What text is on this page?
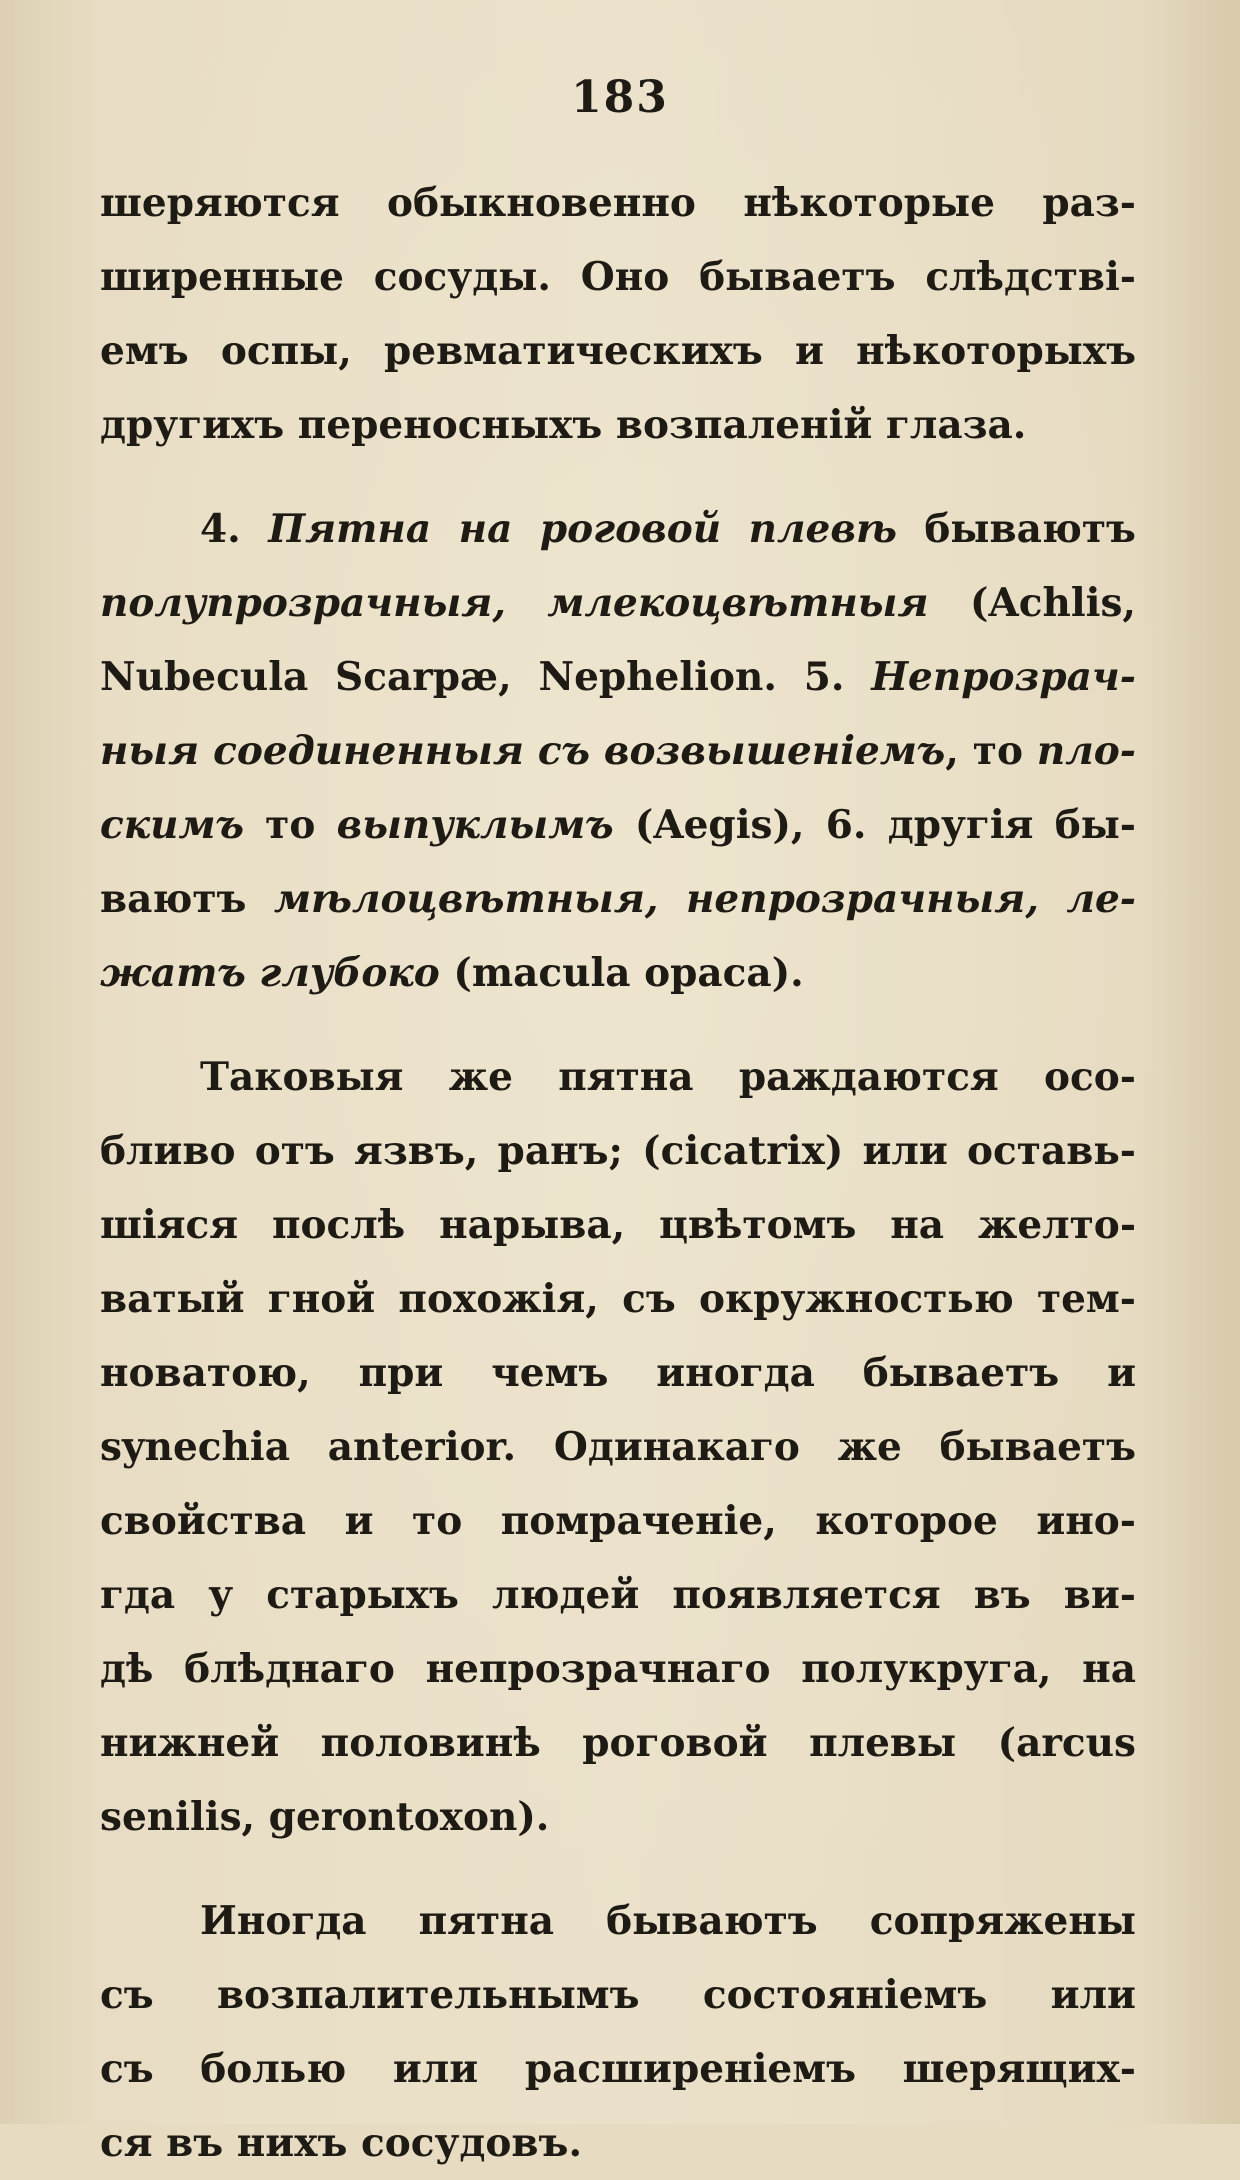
183
шеряются обыкновенно нѣкоторые раз-
ширенные сосуды. Оно бываетъ слѣдствi-
емъ оспы, ревматическихъ и нѣкоторыхъ
другихъ переносныхъ возпаленiй глаза.
4. Пятна на роговой плевѣ бываютъ
полупрозрачныя, млекоцвѣтныя (Achlis,
Nubecula Scarpæ, Nephelion. 5. Непрозрач-
ныя соединенныя съ возвышенiемъ, то пло-
скимъ то выпуклымъ (Aegis), 6. другiя бы-
ваютъ мѣлоцвѣтныя, непрозрачныя, ле-
жатъ глубоко (macula opaca).
Таковыя же пятна раждаются осо-
бливо отъ язвъ, ранъ; (cicatrix) или оставь-
шiяся послѣ нарыва, цвѣтомъ на желто-
ватый гной похожiя, съ окружностью тем-
новатою, при чемъ иногда бываетъ и
synechia anterior. Одинакаго же бываетъ
свойства и то помраченiе, которое ино-
гда у старыхъ людей появляется въ ви-
дѣ блѣднаго непрозрачнаго полукруга, на
нижней половинѣ роговой плевы (arcus
senilis, gerontoxon).
Иногда пятна бываютъ сопряжены
съ возпалительнымъ состоянiемъ или
съ болью или расширенiемъ шерящих-
ся въ нихъ сосудовъ.
